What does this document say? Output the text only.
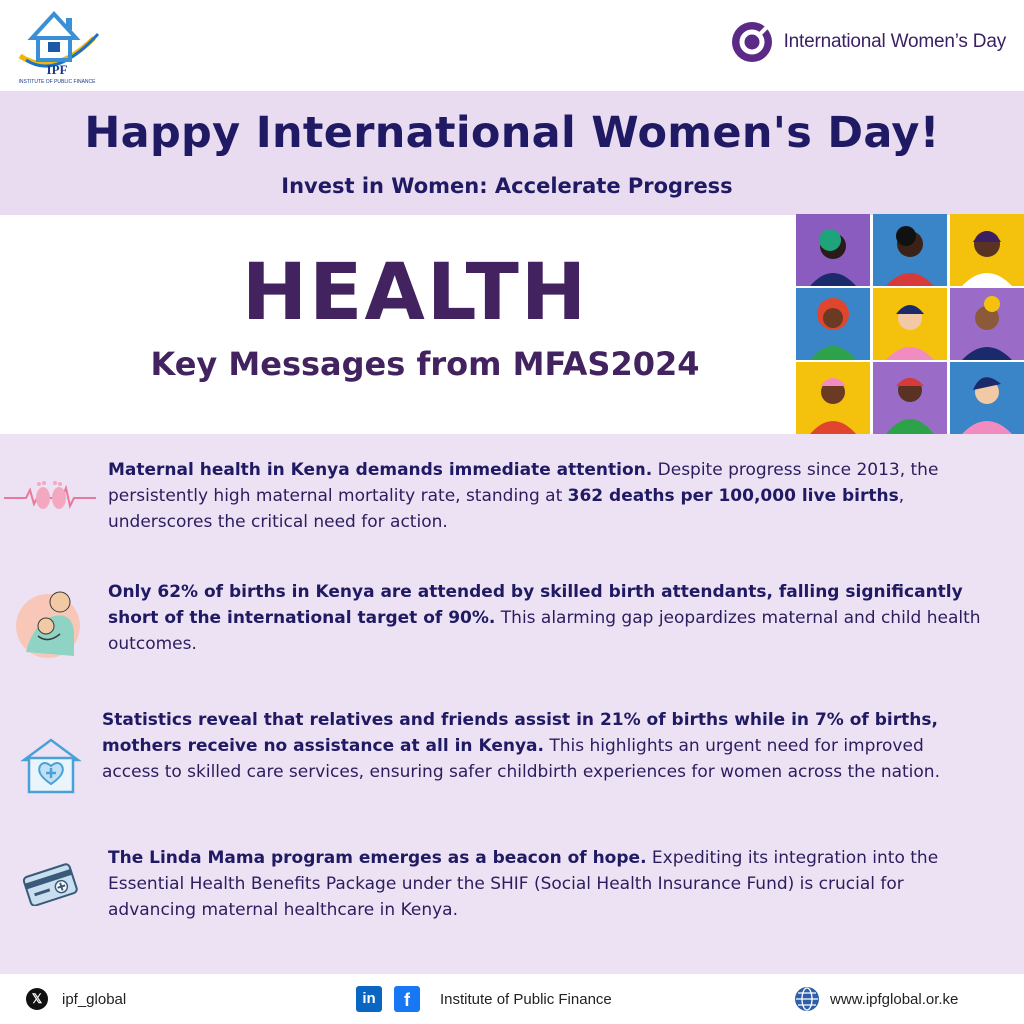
IPF
INSTITUTE OF PUBLIC FINANCE
International Women’s Day
Happy International Women's Day!
Invest in Women: Accelerate Progress
HEALTH
Key Messages from MFAS2024
Maternal health in Kenya demands immediate attention. Despite progress since 2013, the persistently high maternal mortality rate, standing at 362 deaths per 100,000 live births, underscores the critical need for action.
Only 62% of births in Kenya are attended by skilled birth attendants, falling significantly short of the international target of 90%. This alarming gap jeopardizes maternal and child health outcomes.
Statistics reveal that relatives and friends assist in 21% of births while in 7% of births, mothers receive no assistance at all in Kenya. This highlights an urgent need for improved access to skilled care services, ensuring safer childbirth experiences for women across the nation.
The Linda Mama program emerges as a beacon of hope. Expediting its integration into the Essential Health Benefits Package under the SHIF (Social Health Insurance Fund) is crucial for advancing maternal healthcare in Kenya.
𝕏	ipf_global	in	f	Institute of Public Finance	www.ipfglobal.or.ke
